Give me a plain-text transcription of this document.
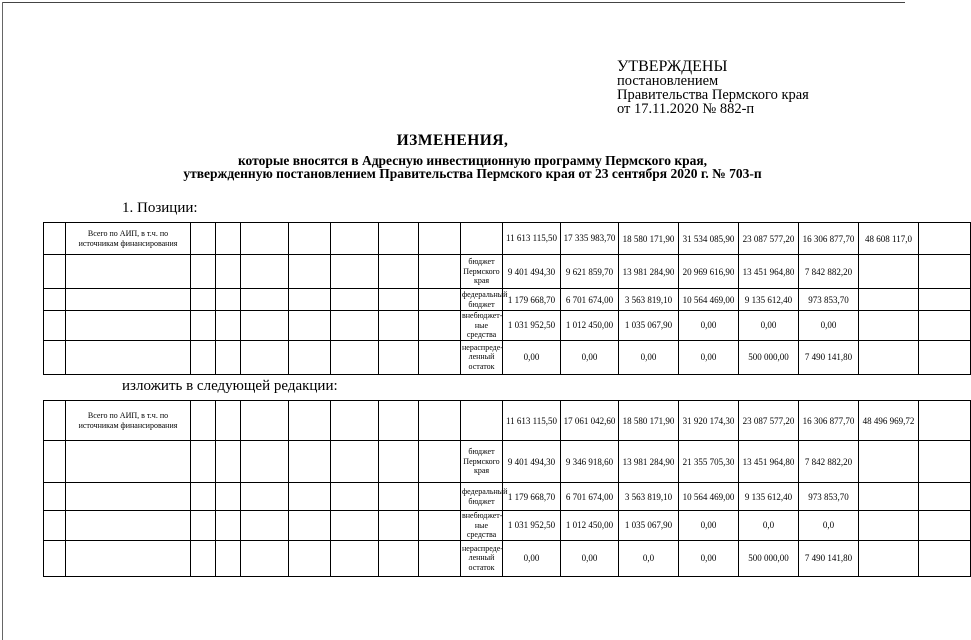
УТВЕРЖДЕНЫ
постановлением
Правительства Пермского края
от 17.11.2020 № 882-п
ИЗМЕНЕНИЯ,
которые вносятся в Адресную инвестиционную программу Пермского края,
утвержденную постановлением Правительства Пермского края от 23 сентября 2020 г. № 703-п
1. Позиции:
	Всего по АИП, в т.ч. по источникам финансирования									11 613 115,50	17 335 983,70	18 580 171,90	31 534 085,90	23 087 577,20	16 306 877,70	48 608 117,0	
									бюджет Пермского края	9 401 494,30	9 621 859,70	13 981 284,90	20 969 616,90	13 451 964,80	7 842 882,20		
									федеральный бюджет	1 179 668,70	6 701 674,00	3 563 819,10	10 564 469,00	9 135 612,40	973 853,70		
									внебюджет-ные средства	1 031 952,50	1 012 450,00	1 035 067,90	0,00	0,00	0,00		
									нераспреде-ленный остаток	0,00	0,00	0,00	0,00	500 000,00	7 490 141,80		
изложить в следующей редакции:
	Всего по АИП, в т.ч. по источникам финансирования									11 613 115,50	17 061 042,60	18 580 171,90	31 920 174,30	23 087 577,20	16 306 877,70	48 496 969,72	
									бюджет Пермского края	9 401 494,30	9 346 918,60	13 981 284,90	21 355 705,30	13 451 964,80	7 842 882,20		
									федеральный бюджет	1 179 668,70	6 701 674,00	3 563 819,10	10 564 469,00	9 135 612,40	973 853,70		
									внебюджет-ные средства	1 031 952,50	1 012 450,00	1 035 067,90	0,00	0,0	0,0		
									нераспреде-ленный остаток	0,00	0,00	0,0	0,00	500 000,00	7 490 141,80		
